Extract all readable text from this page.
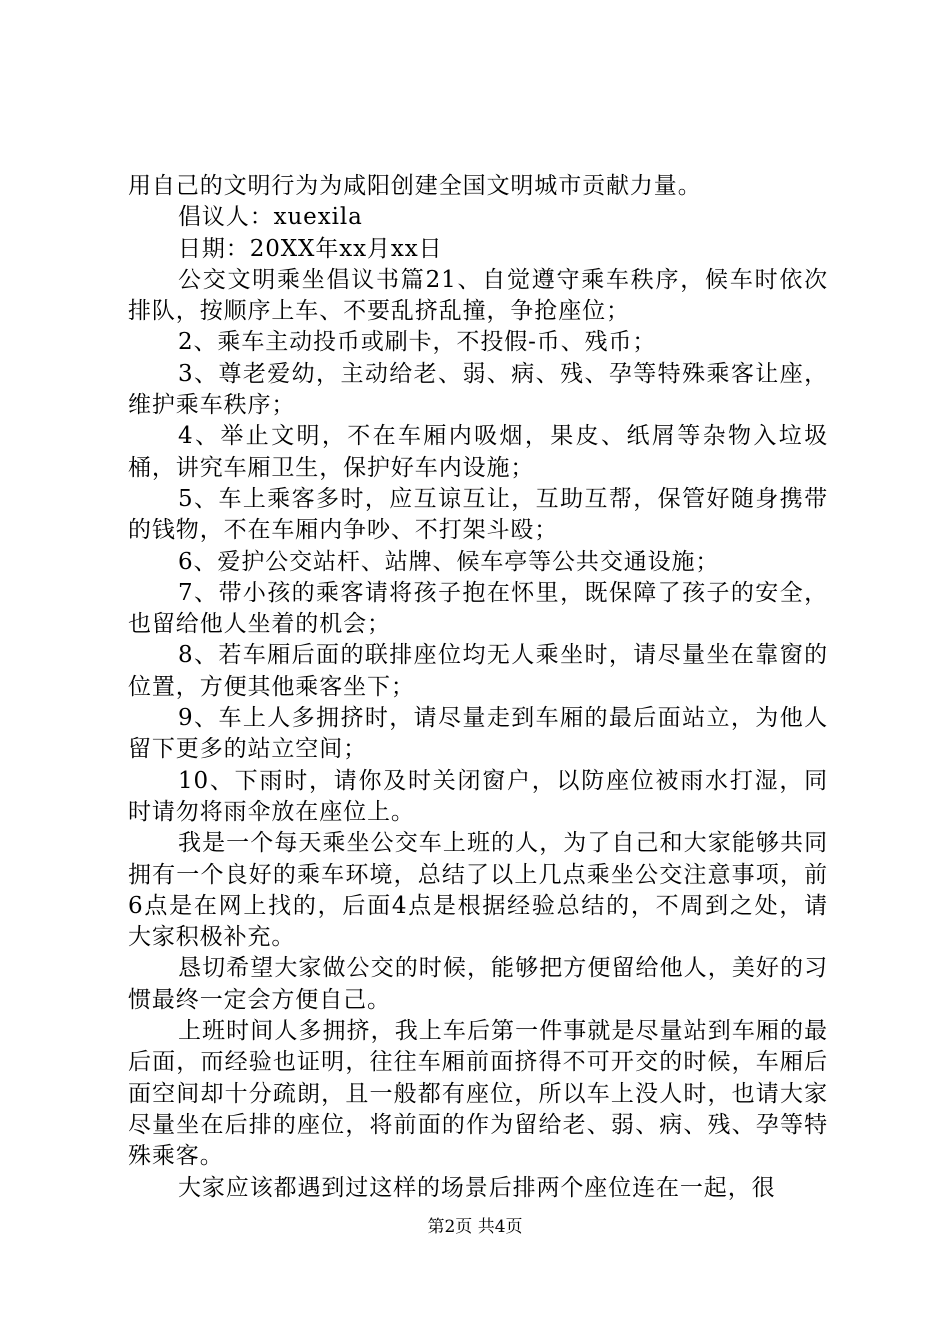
用自己的文明行为为咸阳创建全国文明城市贡献力量。

倡议人：xuexila

日期：20XX年xx月xx日

公交文明乘坐倡议书篇21、自觉遵守乘车秩序，候车时依次排队，按顺序上车、不要乱挤乱撞，争抢座位；

2、乘车主动投币或刷卡，不投假-币、残币；

3、尊老爱幼，主动给老、弱、病、残、孕等特殊乘客让座，维护乘车秩序；

4、举止文明，不在车厢内吸烟，果皮、纸屑等杂物入垃圾桶，讲究车厢卫生，保护好车内设施；

5、车上乘客多时，应互谅互让，互助互帮，保管好随身携带的钱物，不在车厢内争吵、不打架斗殴；

6、爱护公交站杆、站牌、候车亭等公共交通设施；

7、带小孩的乘客请将孩子抱在怀里，既保障了孩子的安全，也留给他人坐着的机会；

8、若车厢后面的联排座位均无人乘坐时，请尽量坐在靠窗的位置，方便其他乘客坐下；

9、车上人多拥挤时，请尽量走到车厢的最后面站立，为他人留下更多的站立空间；

10、下雨时，请你及时关闭窗户，以防座位被雨水打湿，同时请勿将雨伞放在座位上。

我是一个每天乘坐公交车上班的人，为了自己和大家能够共同拥有一个良好的乘车环境，总结了以上几点乘坐公交注意事项，前6点是在网上找的，后面4点是根据经验总结的，不周到之处，请大家积极补充。

恳切希望大家做公交的时候，能够把方便留给他人，美好的习惯最终一定会方便自己。

上班时间人多拥挤，我上车后第一件事就是尽量站到车厢的最后面，而经验也证明，往往车厢前面挤得不可开交的时候，车厢后面空间却十分疏朗，且一般都有座位，所以车上没人时，也请大家尽量坐在后排的座位，将前面的作为留给老、弱、病、残、孕等特殊乘客。

大家应该都遇到过这样的场景后排两个座位连在一起，很

第2页 共4页
